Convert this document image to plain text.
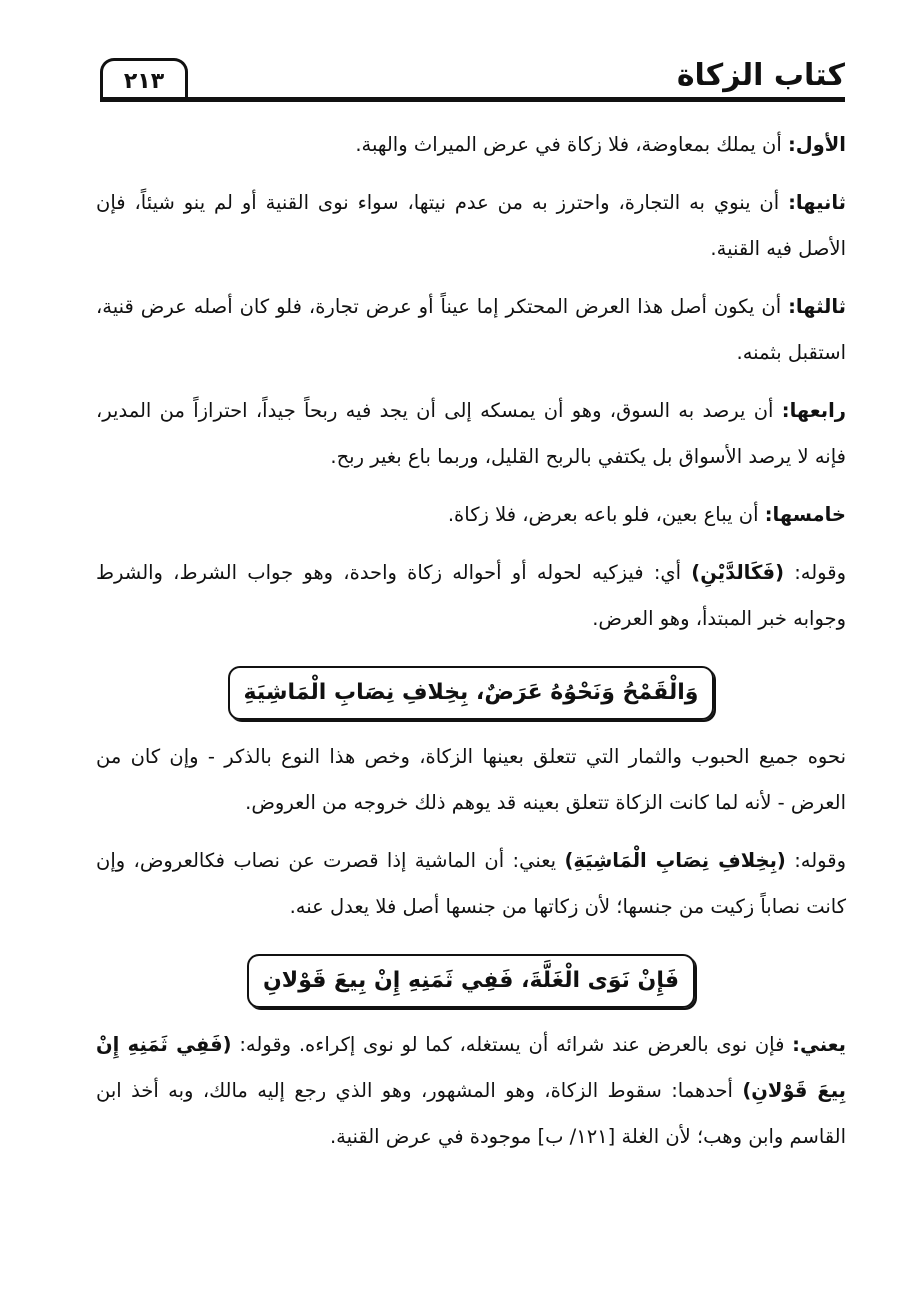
٢١٣	كتاب الزكاة

الأول: أن يملك بمعاوضة، فلا زكاة في عرض الميراث والهبة.

ثانيها: أن ينوي به التجارة، واحترز به من عدم نيتها، سواء نوى القنية أو لم ينو شيئاً، فإن الأصل فيه القنية.

ثالثها: أن يكون أصل هذا العرض المحتكر إما عيناً أو عرض تجارة، فلو كان أصله عرض قنية، استقبل بثمنه.

رابعها: أن يرصد به السوق، وهو أن يمسكه إلى أن يجد فيه ربحاً جيداً، احترازاً من المدير، فإنه لا يرصد الأسواق بل يكتفي بالربح القليل، وربما باع بغير ربح.

خامسها: أن يباع بعين، فلو باعه بعرض، فلا زكاة.

وقوله: (فَكَالدَّيْنِ) أي: فيزكيه لحوله أو أحواله زكاة واحدة، وهو جواب الشرط، والشرط وجوابه خبر المبتدأ، وهو العرض.

وَالْقَمْحُ وَنَحْوُهُ عَرَضٌ، بِخِلافِ نِصَابِ الْمَاشِيَةِ

نحوه جميع الحبوب والثمار التي تتعلق بعينها الزكاة، وخص هذا النوع بالذكر - وإن كان من العرض - لأنه لما كانت الزكاة تتعلق بعينه قد يوهم ذلك خروجه من العروض.

وقوله: (بِخِلافِ نِصَابِ الْمَاشِيَةِ) يعني: أن الماشية إذا قصرت عن نصاب فكالعروض، وإن كانت نصاباً زكيت من جنسها؛ لأن زكاتها من جنسها أصل فلا يعدل عنه.

فَإِنْ نَوَى الْغَلَّةَ، فَفِي ثَمَنِهِ إِنْ بِيعَ قَوْلانِ

يعني: فإن نوى بالعرض عند شرائه أن يستغله، كما لو نوى إكراءه. وقوله: (فَفِي ثَمَنِهِ إِنْ بِيعَ قَوْلانِ) أحدهما: سقوط الزكاة، وهو المشهور، وهو الذي رجع إليه مالك، وبه أخذ ابن القاسم وابن وهب؛ لأن الغلة [١٢١/ ب] موجودة في عرض القنية.
